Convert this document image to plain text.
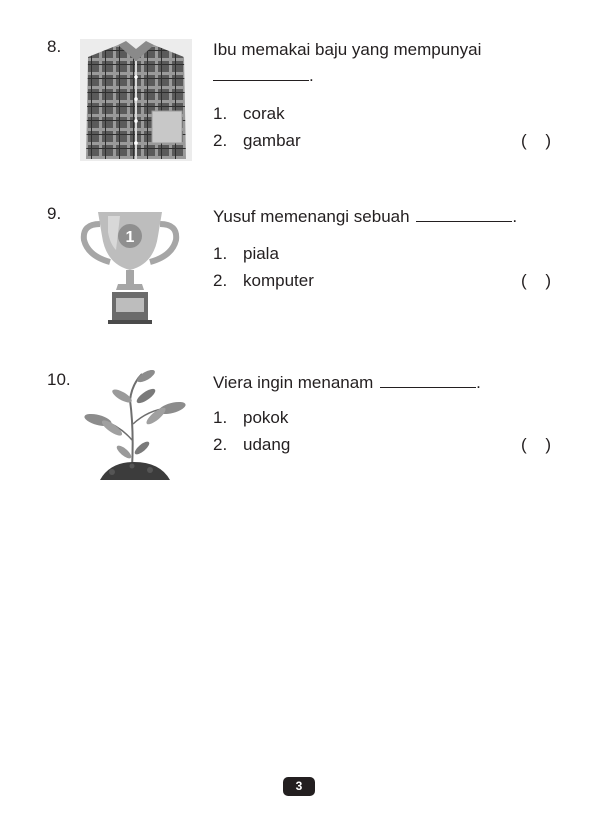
8.	Ibu memakai baju yang mempunyai
.
1. corak
2. gambar	( )
9.
1
Yusuf memenangi sebuah	.
1. piala
2. komputer	( )
10.	Viera ingin menanam	.
1. pokok
2. udang	( )
3
